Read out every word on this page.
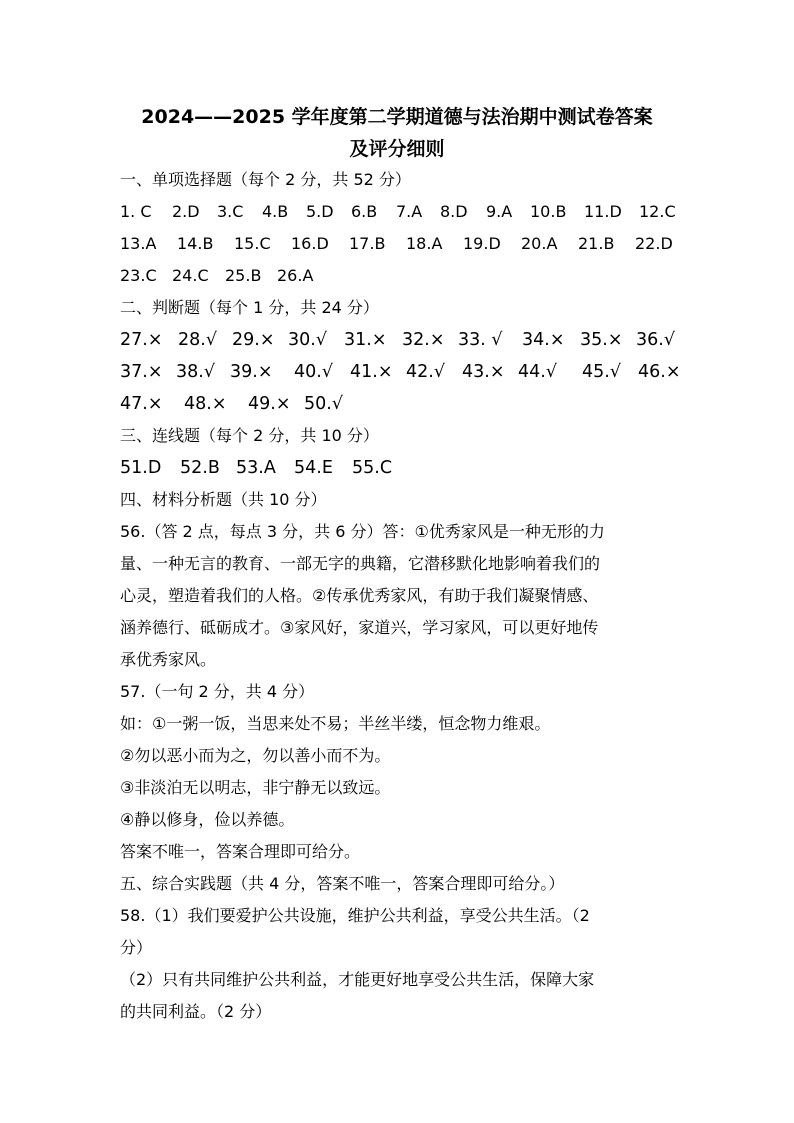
2024——2025 学年度第二学期道德与法治期中测试卷答案
及评分细则
一、单项选择题（每个 2 分，共 52 分）
1. C 2.D 3.C 4.B 5.D 6.B 7.A 8.D 9.A 10.B 11.D 12.C
13.A 14.B 15.C 16.D 17.B 18.A 19.D 20.A 21.B 22.D
23.C 24.C 25.B 26.A
二、判断题（每个 1 分，共 24 分）
27.× 28.√ 29.× 30.√ 31.× 32.× 33. √ 34.× 35.× 36.√
37.× 38.√ 39.× 40.√ 41.× 42.√ 43.× 44.√ 45.√ 46.×
47.× 48.× 49.× 50.√
三、连线题（每个 2 分，共 10 分）
51.D 52.B 53.A 54.E 55.C
四、材料分析题（共 10 分）
56.（答 2 点，每点 3 分，共 6 分）答：①优秀家风是一种无形的力
量、一种无言的教育、一部无字的典籍，它潜移默化地影响着我们的
心灵，塑造着我们的人格。②传承优秀家风，有助于我们凝聚情感、
涵养德行、砥砺成才。③家风好，家道兴，学习家风，可以更好地传
承优秀家风。
57.（一句 2 分，共 4 分）
如：①一粥一饭，当思来处不易；半丝半缕，恒念物力维艰。
②勿以恶小而为之，勿以善小而不为。
③非淡泊无以明志，非宁静无以致远。
④静以修身，俭以养德。
答案不唯一，答案合理即可给分。
五、综合实践题（共 4 分，答案不唯一，答案合理即可给分。）
58.（1）我们要爱护公共设施，维护公共利益，享受公共生活。（2
分）
（2）只有共同维护公共利益，才能更好地享受公共生活，保障大家
的共同利益。（2 分）
